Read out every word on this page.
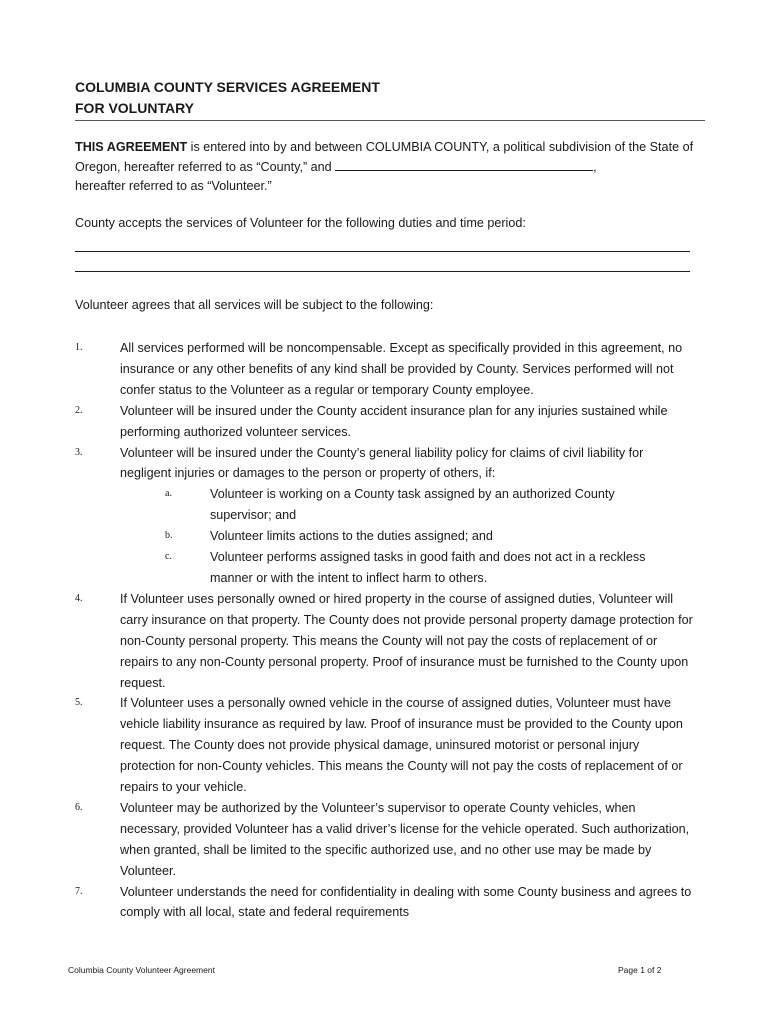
COLUMBIA COUNTY SERVICES AGREEMENT
FOR VOLUNTARY
THIS AGREEMENT is entered into by and between COLUMBIA COUNTY, a political subdivision of the State of Oregon, hereafter referred to as “County,” and	,
hereafter referred to as “Volunteer.”
County accepts the services of Volunteer for the following duties and time period:
Volunteer agrees that all services will be subject to the following:
1.	All services performed will be noncompensable. Except as specifically provided in this agreement, no insurance or any other benefits of any kind shall be provided by County. Services performed will not confer status to the Volunteer as a regular or temporary County employee.
2.	Volunteer will be insured under the County accident insurance plan for any injuries sustained while performing authorized volunteer services.
3.	Volunteer will be insured under the County’s general liability policy for claims of civil liability for negligent injuries or damages to the person or property of others, if:
a.	Volunteer is working on a County task assigned by an authorized County supervisor; and
b.	Volunteer limits actions to the duties assigned; and
c.	Volunteer performs assigned tasks in good faith and does not act in a reckless manner or with the intent to inflect harm to others.
4.	If Volunteer uses personally owned or hired property in the course of assigned duties, Volunteer will carry insurance on that property. The County does not provide personal property damage protection for non-County personal property. This means the County will not pay the costs of replacement of or repairs to any non-County personal property. Proof of insurance must be furnished to the County upon request.
5.	If Volunteer uses a personally owned vehicle in the course of assigned duties, Volunteer must have vehicle liability insurance as required by law. Proof of insurance must be provided to the County upon request. The County does not provide physical damage, uninsured motorist or personal injury protection for non-County vehicles. This means the County will not pay the costs of replacement of or repairs to your vehicle.
6.	Volunteer may be authorized by the Volunteer’s supervisor to operate County vehicles, when necessary, provided Volunteer has a valid driver’s license for the vehicle operated. Such authorization, when granted, shall be limited to the specific authorized use, and no other use may be made by Volunteer.
7.	Volunteer understands the need for confidentiality in dealing with some County business and agrees to comply with all local, state and federal requirements
Columbia County Volunteer Agreement	Page 1 of 2
